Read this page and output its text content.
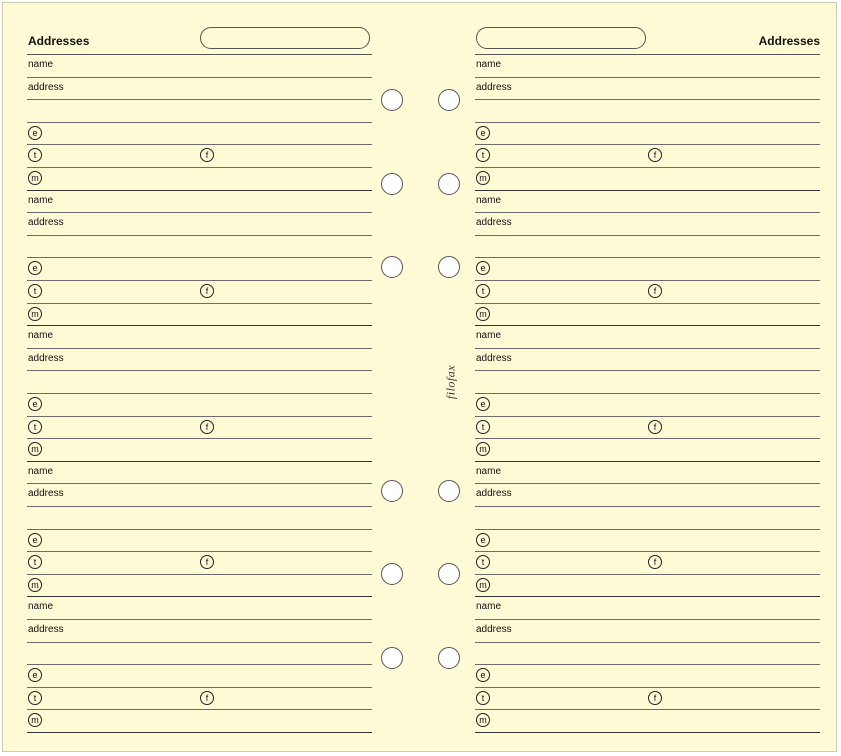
Addresses
name
address
e
t	f
m
name
address
e
t	f
m
name
address
e
t	f
m
name
address
e
t	f
m
name
address
e
t	f
m
Addresses
name
address
e
t	f
m
name
address
e
t	f
m
name
address
e
t	f
m
name
address
e
t	f
m
name
address
e
t	f
m
filofax
